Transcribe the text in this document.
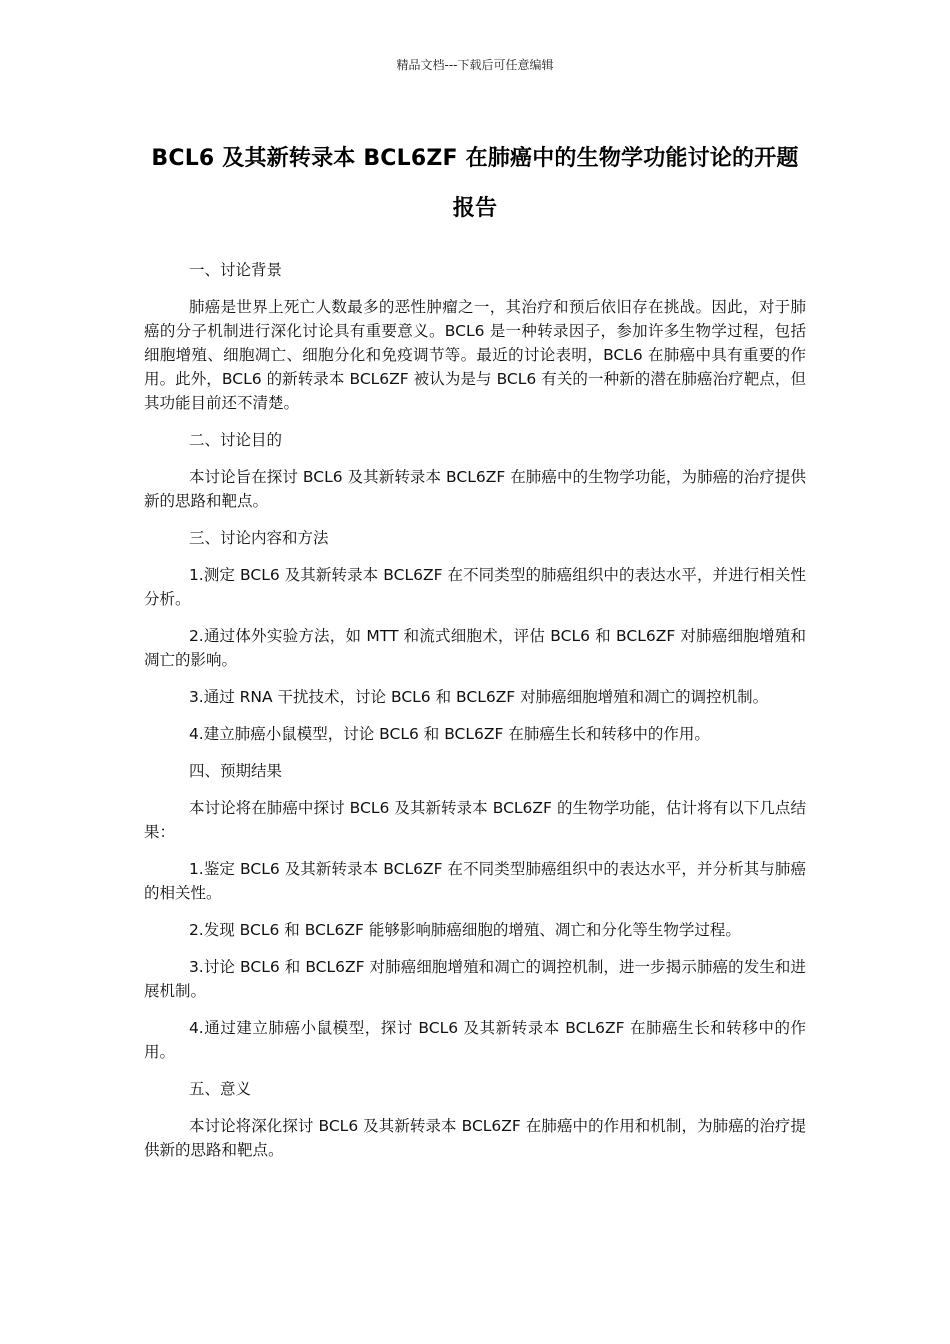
精品文档---下载后可任意编辑
BCL6 及其新转录本 BCL6ZF 在肺癌中的生物学功能讨论的开题报告

一、讨论背景

肺癌是世界上死亡人数最多的恶性肿瘤之一，其治疗和预后依旧存在挑战。因此，对于肺癌的分子机制进行深化讨论具有重要意义。BCL6 是一种转录因子，参加许多生物学过程，包括细胞增殖、细胞凋亡、细胞分化和免疫调节等。最近的讨论表明，BCL6 在肺癌中具有重要的作用。此外，BCL6 的新转录本 BCL6ZF 被认为是与 BCL6 有关的一种新的潜在肺癌治疗靶点，但其功能目前还不清楚。

二、讨论目的

本讨论旨在探讨 BCL6 及其新转录本 BCL6ZF 在肺癌中的生物学功能，为肺癌的治疗提供新的思路和靶点。

三、讨论内容和方法

1.测定 BCL6 及其新转录本 BCL6ZF 在不同类型的肺癌组织中的表达水平，并进行相关性分析。

2.通过体外实验方法，如 MTT 和流式细胞术，评估 BCL6 和 BCL6ZF 对肺癌细胞增殖和凋亡的影响。

3.通过 RNA 干扰技术，讨论 BCL6 和 BCL6ZF 对肺癌细胞增殖和凋亡的调控机制。

4.建立肺癌小鼠模型，讨论 BCL6 和 BCL6ZF 在肺癌生长和转移中的作用。

四、预期结果

本讨论将在肺癌中探讨 BCL6 及其新转录本 BCL6ZF 的生物学功能，估计将有以下几点结果：

1.鉴定 BCL6 及其新转录本 BCL6ZF 在不同类型肺癌组织中的表达水平，并分析其与肺癌的相关性。

2.发现 BCL6 和 BCL6ZF 能够影响肺癌细胞的增殖、凋亡和分化等生物学过程。

3.讨论 BCL6 和 BCL6ZF 对肺癌细胞增殖和凋亡的调控机制，进一步揭示肺癌的发生和进展机制。

4.通过建立肺癌小鼠模型，探讨 BCL6 及其新转录本 BCL6ZF 在肺癌生长和转移中的作用。

五、意义

本讨论将深化探讨 BCL6 及其新转录本 BCL6ZF 在肺癌中的作用和机制，为肺癌的治疗提供新的思路和靶点。
